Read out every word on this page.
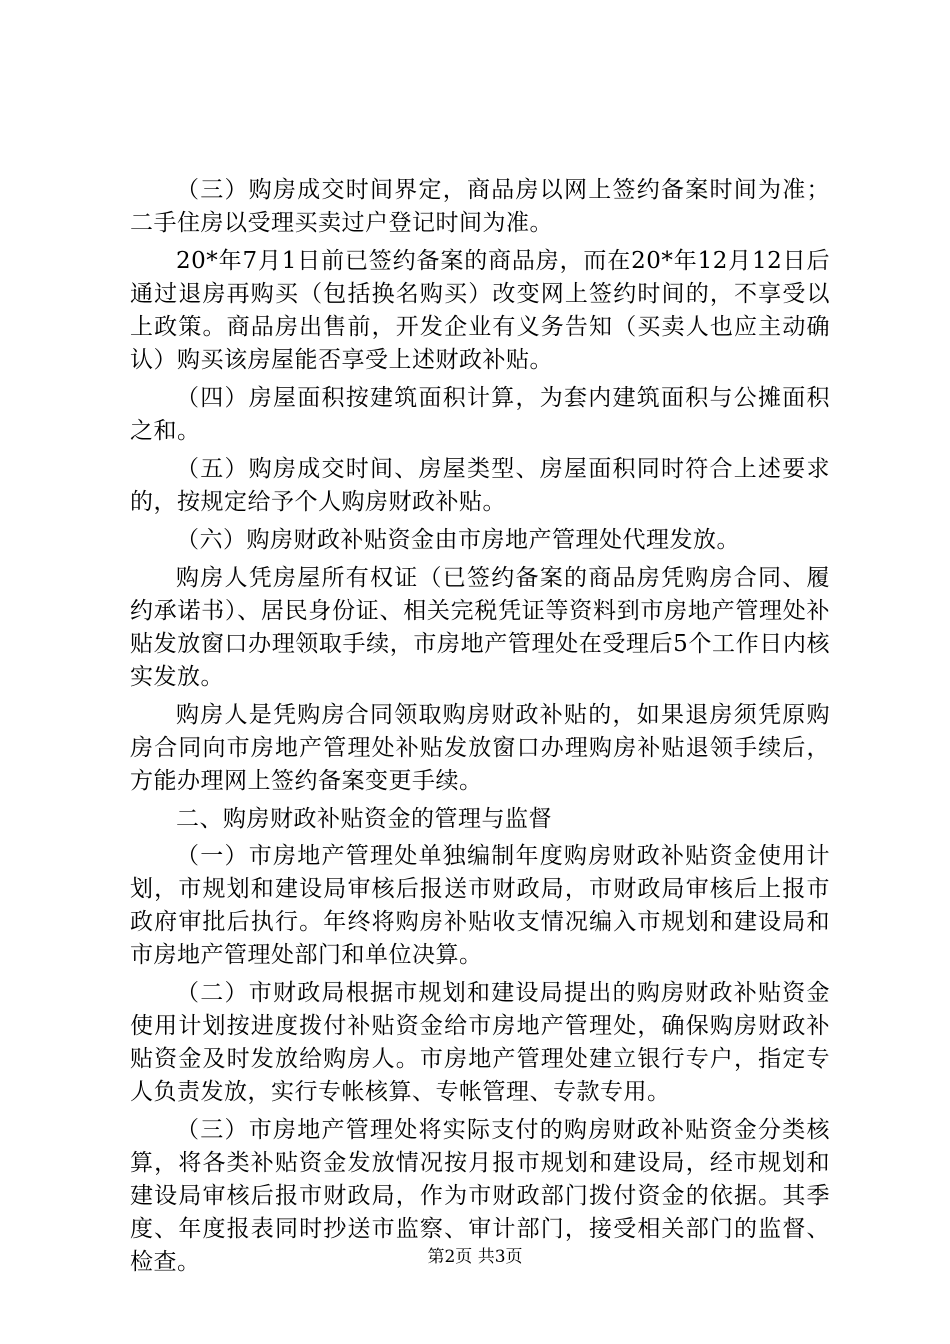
（三）购房成交时间界定，商品房以网上签约备案时间为准；二手住房以受理买卖过户登记时间为准。

20*年7月1日前已签约备案的商品房，而在20*年12月12日后通过退房再购买（包括换名购买）改变网上签约时间的，不享受以上政策。商品房出售前，开发企业有义务告知（买卖人也应主动确认）购买该房屋能否享受上述财政补贴。

（四）房屋面积按建筑面积计算，为套内建筑面积与公摊面积之和。

（五）购房成交时间、房屋类型、房屋面积同时符合上述要求的，按规定给予个人购房财政补贴。

（六）购房财政补贴资金由市房地产管理处代理发放。

购房人凭房屋所有权证（已签约备案的商品房凭购房合同、履约承诺书）、居民身份证、相关完税凭证等资料到市房地产管理处补贴发放窗口办理领取手续，市房地产管理处在受理后5个工作日内核实发放。

购房人是凭购房合同领取购房财政补贴的，如果退房须凭原购房合同向市房地产管理处补贴发放窗口办理购房补贴退领手续后，方能办理网上签约备案变更手续。

二、购房财政补贴资金的管理与监督

（一）市房地产管理处单独编制年度购房财政补贴资金使用计划，市规划和建设局审核后报送市财政局，市财政局审核后上报市政府审批后执行。年终将购房补贴收支情况编入市规划和建设局和市房地产管理处部门和单位决算。

（二）市财政局根据市规划和建设局提出的购房财政补贴资金使用计划按进度拨付补贴资金给市房地产管理处，确保购房财政补贴资金及时发放给购房人。市房地产管理处建立银行专户，指定专人负责发放，实行专帐核算、专帐管理、专款专用。

（三）市房地产管理处将实际支付的购房财政补贴资金分类核算，将各类补贴资金发放情况按月报市规划和建设局，经市规划和建设局审核后报市财政局，作为市财政部门拨付资金的依据。其季度、年度报表同时抄送市监察、审计部门，接受相关部门的监督、检查。	第2页 共3页
